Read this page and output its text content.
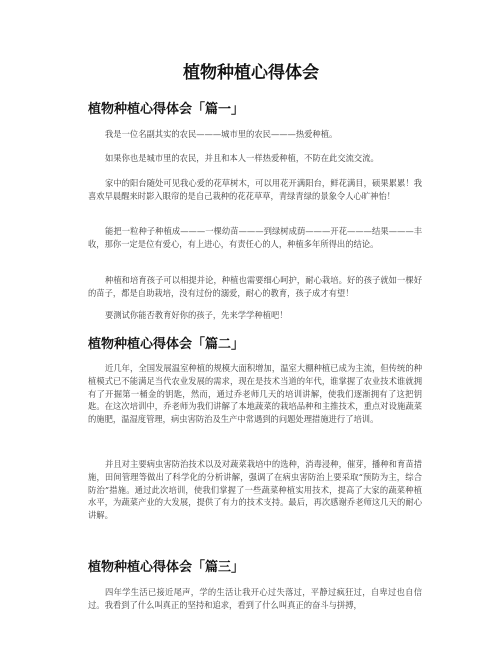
植物种植心得体会
植物种植心得体会「篇一」

我是一位名副其实的农民———城市里的农民———热爱种植。

如果你也是城市里的农民，并且和本人一样热爱种植，不防在此交流交流。

家中的阳台随处可见我心爱的花草树木，可以用花开满阳台，鲜花满目，硕果累累！我喜欢早晨醒来时影入眼帘的是自己栽种的花花草草，青绿青绿的景象令人心旷神怡！

能把一粒种子种植成———一棵幼苗———到绿树成荫———开花———结果———丰收，那你一定是位有爱心，有上进心，有责任心的人，种植多年所得出的结论。

种植和培育孩子可以相提并论，种植也需要细心呵护，耐心栽培。好的孩子就如一棵好的苗子，都是自助栽培，没有过份的溺爱，耐心的教育，孩子成才有望！

要测试你能否教育好你的孩子，先来学学种植吧！

植物种植心得体会「篇二」

近几年，全国发展温室种植的规模大面积增加，温室大棚种植已成为主流，但传统的种植模式已不能满足当代农业发展的需求，现在是技术当道的年代，谁掌握了农业技术谁就拥有了开掘第一桶金的钥匙，然而，通过乔老师几天的培训讲解，使我们逐渐拥有了这把钥匙。在这次培训中，乔老师为我们讲解了本地蔬菜的栽培品种和主推技术，重点对设施蔬菜的施肥，温湿度管理，病虫害防治及生产中常遇到的问题处理措施进行了培训。

并且对主要病虫害防治技术以及对蔬菜栽培中的选种，消毒浸种，催芽，播种和育苗措施，田间管理等做出了科学化的分析讲解，强调了在病虫害防治上要采取“预防为主，综合防治”措施。通过此次培训，使我们掌握了一些蔬菜种植实用技术，提高了大家的蔬菜种植水平，为蔬菜产业的大发展，提供了有力的技术支持。最后，再次感谢乔老师这几天的耐心讲解。

植物种植心得体会「篇三」

四年学生活已接近尾声，学的生活让我开心过失落过，平静过疯狂过，自卑过也自信过。我看到了什么叫真正的坚持和追求，看到了什么叫真正的奋斗与拼搏，
